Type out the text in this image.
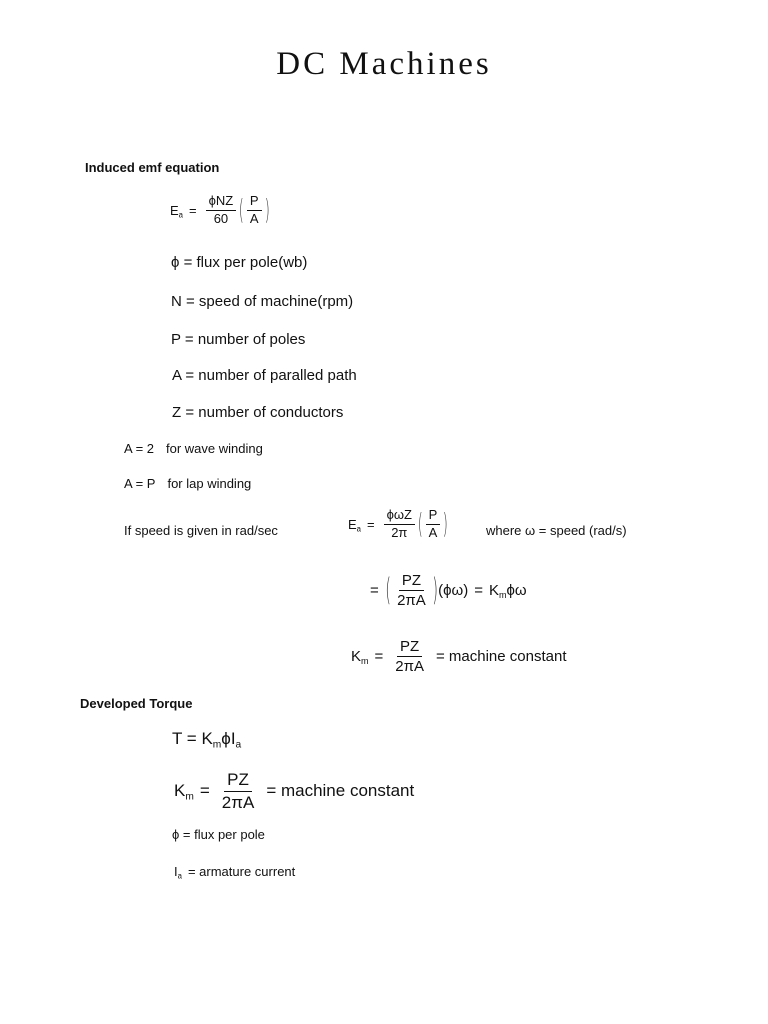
DC Machines
Induced emf equation
$E_a = \frac{\text{ϕNZ}}{60}$ ( $\frac{P}{A}$ )
ϕ = flux per pole(wb)
N = speed of machine(rpm)
P = number of poles
A = number of paralled path
Z = number of conductors
A = 2 for wave winding
A = P for lap winding
If speed is given in rad/sec	$E_a = \frac{\text{ϕωZ}}{2\pi}$ ( $\frac{P}{A}$ )	where ω = speed (rad/s)
= ( $\frac{PZ}{2\pi A}$ ) $(\phi\omega) = K_m\phi\omega$
$K_m = \frac{PZ}{2\pi A}$ = machine constant
Developed Torque
$T = K_m\phi I_a$
$K_m = \frac{PZ}{2\pi A}$ = machine constant
ϕ = flux per pole
$I_a$ = armature current
